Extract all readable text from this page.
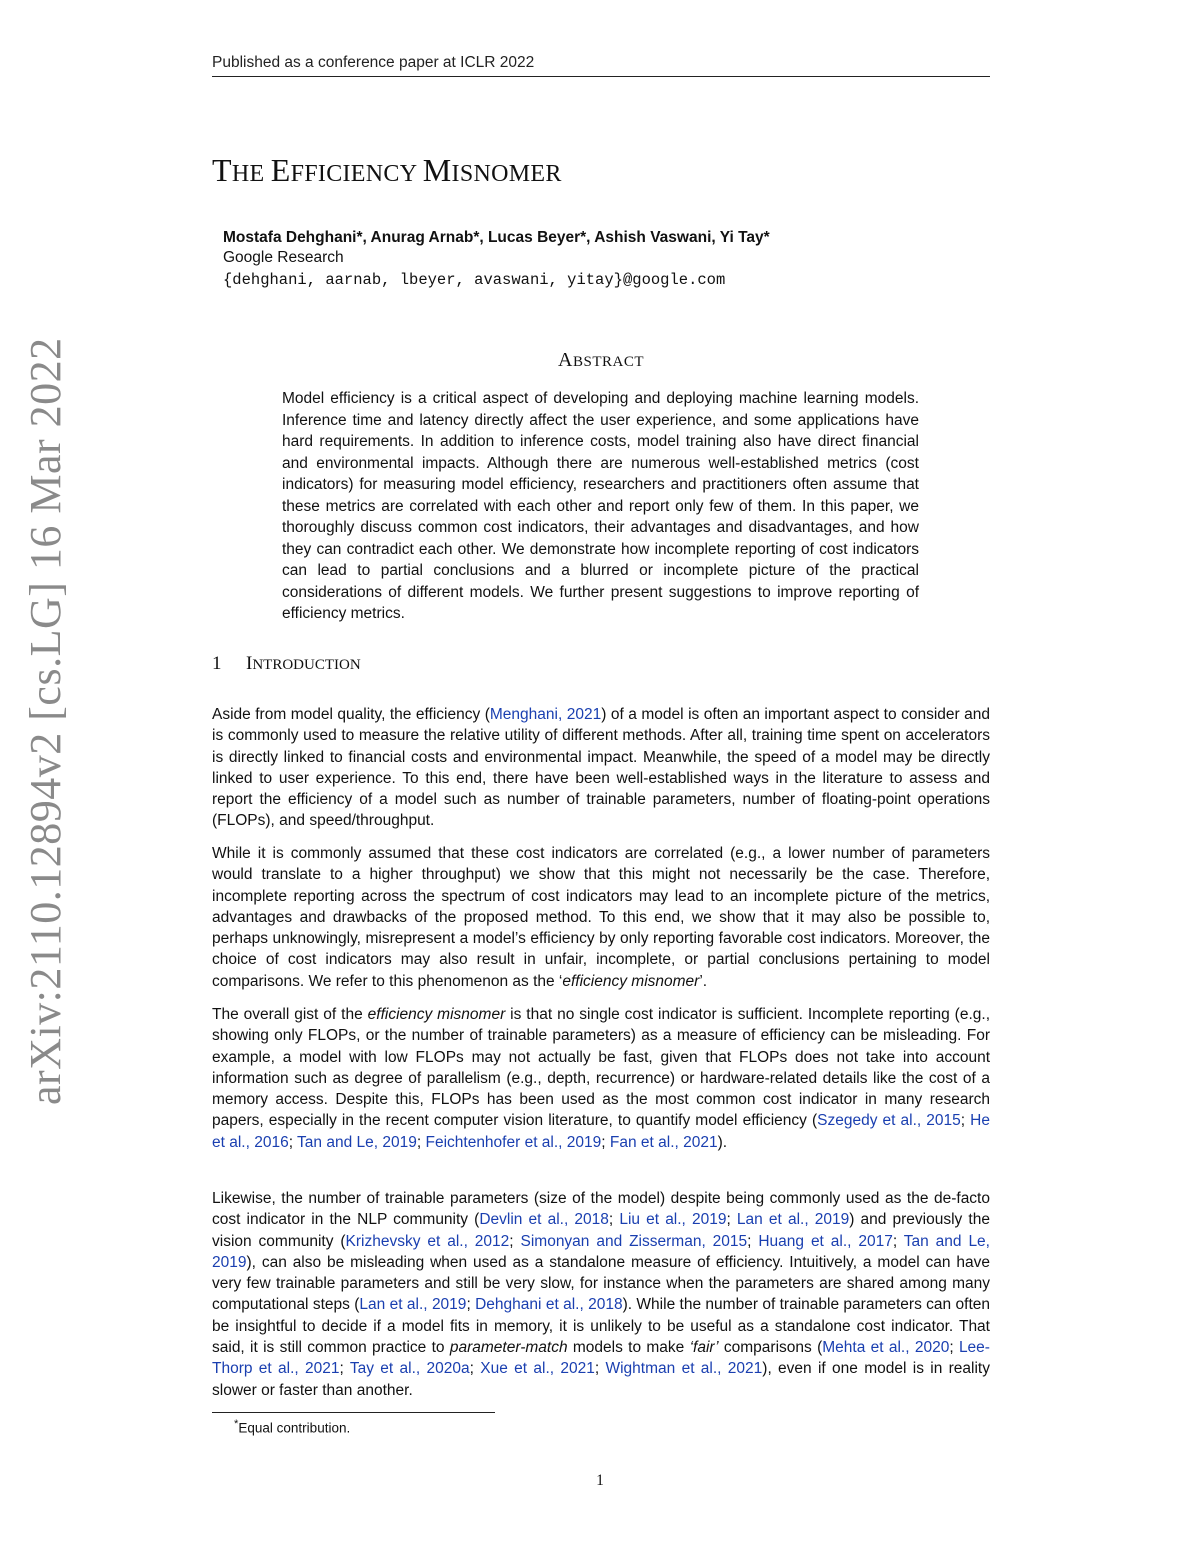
Published as a conference paper at ICLR 2022
arXiv:2110.12894v2 [cs.LG] 16 Mar 2022
THE EFFICIENCY MISNOMER
Mostafa Dehghani*, Anurag Arnab*, Lucas Beyer*, Ashish Vaswani, Yi Tay*
Google Research
{dehghani, aarnab, lbeyer, avaswani, yitay}@google.com
ABSTRACT
Model efficiency is a critical aspect of developing and deploying machine learning models. Inference time and latency directly affect the user experience, and some applications have hard requirements. In addition to inference costs, model training also have direct financial and environmental impacts. Although there are numerous well-established metrics (cost indicators) for measuring model efficiency, researchers and practitioners often assume that these metrics are correlated with each other and report only few of them. In this paper, we thoroughly discuss common cost indicators, their advantages and disadvantages, and how they can contradict each other. We demonstrate how incomplete reporting of cost indicators can lead to partial conclusions and a blurred or incomplete picture of the practical considerations of different models. We further present suggestions to improve reporting of efficiency metrics.
1 INTRODUCTION

Aside from model quality, the efficiency (Menghani, 2021) of a model is often an important aspect to consider and is commonly used to measure the relative utility of different methods. After all, training time spent on accelerators is directly linked to financial costs and environmental impact. Meanwhile, the speed of a model may be directly linked to user experience. To this end, there have been well-established ways in the literature to assess and report the efficiency of a model such as number of trainable parameters, number of floating-point operations (FLOPs), and speed/throughput.

While it is commonly assumed that these cost indicators are correlated (e.g., a lower number of parameters would translate to a higher throughput) we show that this might not necessarily be the case. Therefore, incomplete reporting across the spectrum of cost indicators may lead to an incomplete picture of the metrics, advantages and drawbacks of the proposed method. To this end, we show that it may also be possible to, perhaps unknowingly, misrepresent a model’s efficiency by only reporting favorable cost indicators. Moreover, the choice of cost indicators may also result in unfair, incomplete, or partial conclusions pertaining to model comparisons. We refer to this phenomenon as the ‘efficiency misnomer’.

The overall gist of the efficiency misnomer is that no single cost indicator is sufficient. Incomplete reporting (e.g., showing only FLOPs, or the number of trainable parameters) as a measure of efficiency can be misleading. For example, a model with low FLOPs may not actually be fast, given that FLOPs does not take into account information such as degree of parallelism (e.g., depth, recurrence) or hardware-related details like the cost of a memory access. Despite this, FLOPs has been used as the most common cost indicator in many research papers, especially in the recent computer vision literature, to quantify model efficiency (Szegedy et al., 2015; He et al., 2016; Tan and Le, 2019; Feichtenhofer et al., 2019; Fan et al., 2021).

Likewise, the number of trainable parameters (size of the model) despite being commonly used as the de-facto cost indicator in the NLP community (Devlin et al., 2018; Liu et al., 2019; Lan et al., 2019) and previously the vision community (Krizhevsky et al., 2012; Simonyan and Zisserman, 2015; Huang et al., 2017; Tan and Le, 2019), can also be misleading when used as a standalone measure of efficiency. Intuitively, a model can have very few trainable parameters and still be very slow, for instance when the parameters are shared among many computational steps (Lan et al., 2019; Dehghani et al., 2018). While the number of trainable parameters can often be insightful to decide if a model fits in memory, it is unlikely to be useful as a standalone cost indicator. That said, it is still common practice to parameter-match models to make ‘fair’ comparisons (Mehta et al., 2020; Lee-Thorp et al., 2021; Tay et al., 2020a; Xue et al., 2021; Wightman et al., 2021), even if one model is in reality slower or faster than another.

*Equal contribution.
1
